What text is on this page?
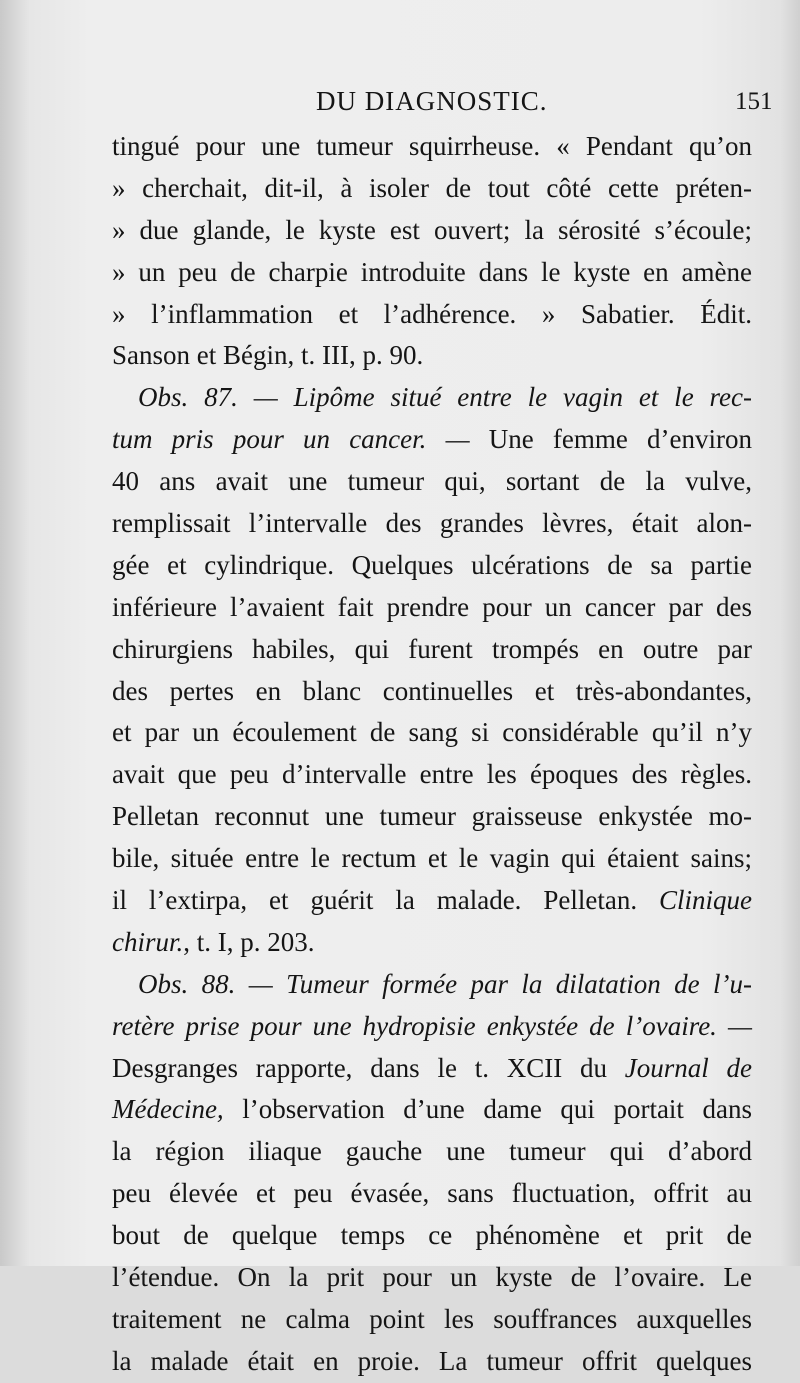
DU DIAGNOSTIC.	151
tingué pour une tumeur squirrheuse. « Pendant qu’on
» cherchait, dit-il, à isoler de tout côté cette préten-
» due glande, le kyste est ouvert; la sérosité s’écoule;
» un peu de charpie introduite dans le kyste en amène
» l’inflammation et l’adhérence. » Sabatier. Édit.
Sanson et Bégin, t. III, p. 90.
Obs. 87. — Lipôme situé entre le vagin et le rec-
tum pris pour un cancer. — Une femme d’environ
40 ans avait une tumeur qui, sortant de la vulve,
remplissait l’intervalle des grandes lèvres, était alon-
gée et cylindrique. Quelques ulcérations de sa partie
inférieure l’avaient fait prendre pour un cancer par des
chirurgiens habiles, qui furent trompés en outre par
des pertes en blanc continuelles et très-abondantes,
et par un écoulement de sang si considérable qu’il n’y
avait que peu d’intervalle entre les époques des règles.
Pelletan reconnut une tumeur graisseuse enkystée mo-
bile, située entre le rectum et le vagin qui étaient sains;
il l’extirpa, et guérit la malade. Pelletan. Clinique
chirur., t. I, p. 203.
Obs. 88. — Tumeur formée par la dilatation de l’u-
retère prise pour une hydropisie enkystée de l’ovaire. —
Desgranges rapporte, dans le t. XCII du Journal de
Médecine, l’observation d’une dame qui portait dans
la région iliaque gauche une tumeur qui d’abord
peu élevée et peu évasée, sans fluctuation, offrit au
bout de quelque temps ce phénomène et prit de
l’étendue. On la prit pour un kyste de l’ovaire. Le
traitement ne calma point les souffrances auxquelles
la malade était en proie. La tumeur offrit quelques
